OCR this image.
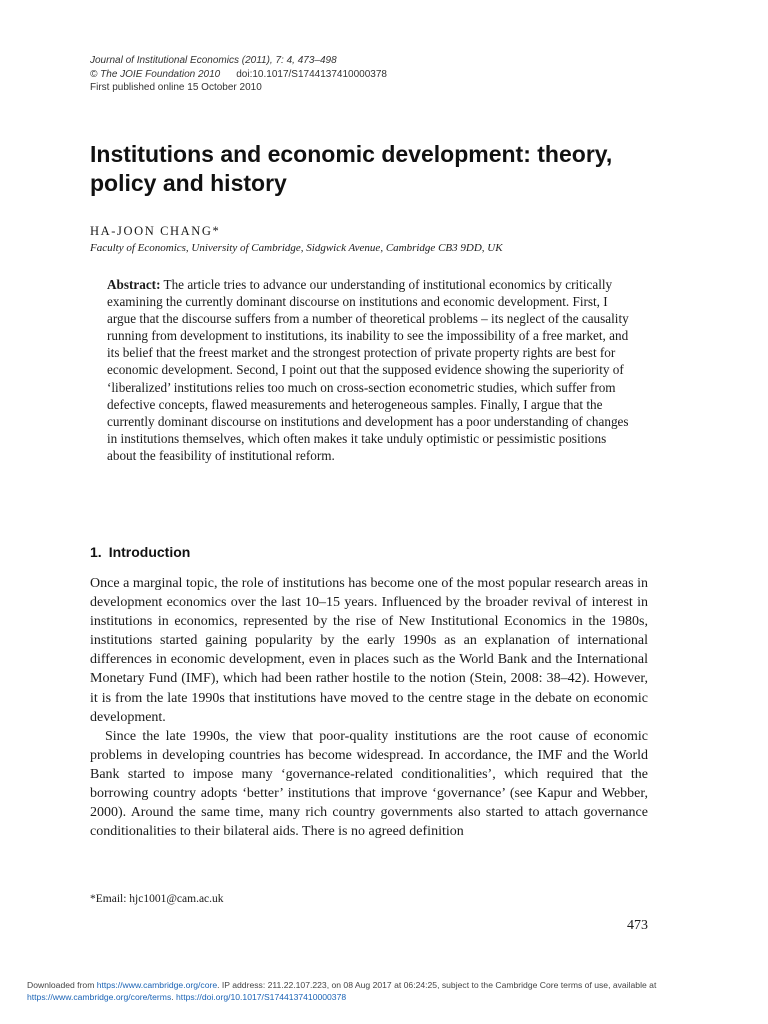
Journal of Institutional Economics (2011), 7: 4, 473–498
© The JOIE Foundation 2010 doi:10.1017/S1744137410000378
First published online 15 October 2010
Institutions and economic development: theory, policy and history
HA-JOON CHANG*
Faculty of Economics, University of Cambridge, Sidgwick Avenue, Cambridge CB3 9DD, UK

Abstract: The article tries to advance our understanding of institutional economics by critically examining the currently dominant discourse on institutions and economic development. First, I argue that the discourse suffers from a number of theoretical problems – its neglect of the causality running from development to institutions, its inability to see the impossibility of a free market, and its belief that the freest market and the strongest protection of private property rights are best for economic development. Second, I point out that the supposed evidence showing the superiority of ‘liberalized’ institutions relies too much on cross-section econometric studies, which suffer from defective concepts, flawed measurements and heterogeneous samples. Finally, I argue that the currently dominant discourse on institutions and development has a poor understanding of changes in institutions themselves, which often makes it take unduly optimistic or pessimistic positions about the feasibility of institutional reform.

1. Introduction

Once a marginal topic, the role of institutions has become one of the most popular research areas in development economics over the last 10–15 years. Influenced by the broader revival of interest in institutions in economics, represented by the rise of New Institutional Economics in the 1980s, institutions started gaining popularity by the early 1990s as an explanation of international differences in economic development, even in places such as the World Bank and the International Monetary Fund (IMF), which had been rather hostile to the notion (Stein, 2008: 38–42). However, it is from the late 1990s that institutions have moved to the centre stage in the debate on economic development.

Since the late 1990s, the view that poor-quality institutions are the root cause of economic problems in developing countries has become widespread. In accordance, the IMF and the World Bank started to impose many ‘governance-related conditionalities’, which required that the borrowing country adopts ‘better’ institutions that improve ‘governance’ (see Kapur and Webber, 2000). Around the same time, many rich country governments also started to attach governance conditionalities to their bilateral aids. There is no agreed definition

*Email: hjc1001@cam.ac.uk
473
Downloaded from https://www.cambridge.org/core. IP address: 211.22.107.223, on 08 Aug 2017 at 06:24:25, subject to the Cambridge Core terms of use, available at https://www.cambridge.org/core/terms. https://doi.org/10.1017/S1744137410000378
